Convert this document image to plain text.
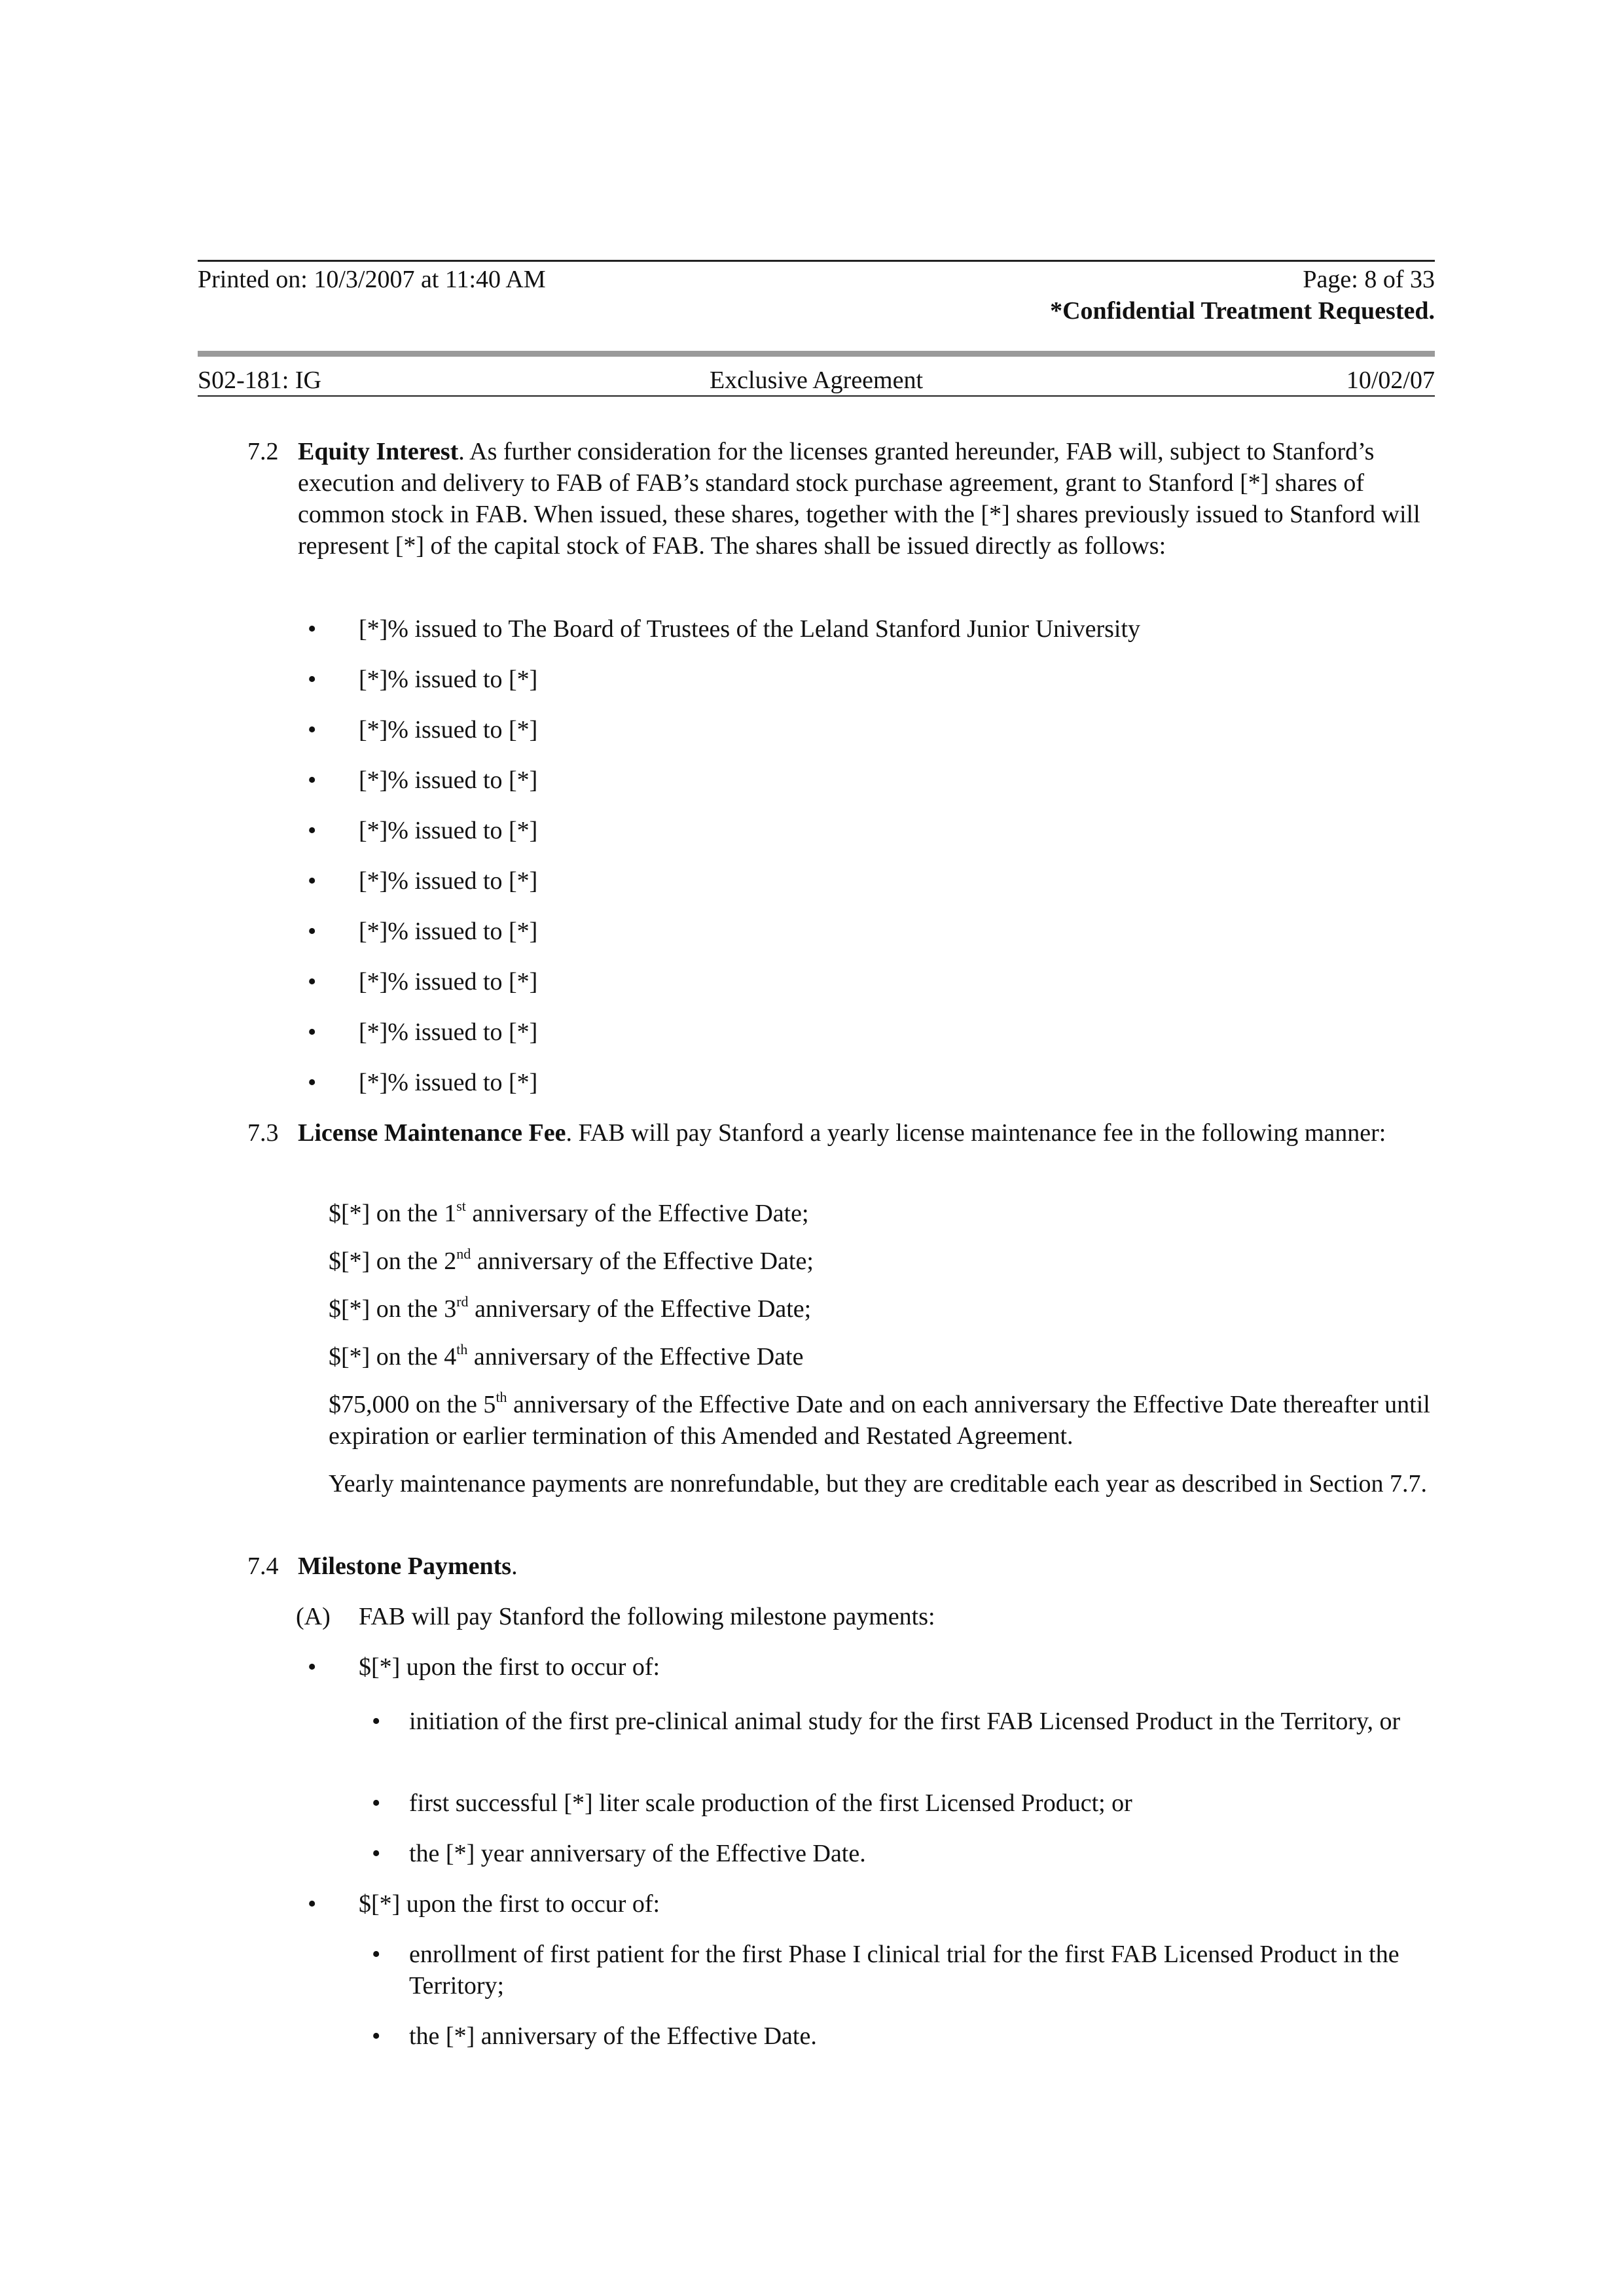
Printed on: 10/3/2007 at 11:40 AM	Page: 8 of 33
*Confidential Treatment Requested.
S02-181: IG	Exclusive Agreement	10/02/07
7.2 Equity Interest. As further consideration for the licenses granted hereunder, FAB will, subject to Stanford’s execution and delivery to FAB of FAB’s standard stock purchase agreement, grant to Stanford [*] shares of common stock in FAB. When issued, these shares, together with the [*] shares previously issued to Stanford will represent [*] of the capital stock of FAB. The shares shall be issued directly as follows:
• [*]% issued to The Board of Trustees of the Leland Stanford Junior University
• [*]% issued to [*]
• [*]% issued to [*]
• [*]% issued to [*]
• [*]% issued to [*]
• [*]% issued to [*]
• [*]% issued to [*]
• [*]% issued to [*]
• [*]% issued to [*]
• [*]% issued to [*]
7.3 License Maintenance Fee. FAB will pay Stanford a yearly license maintenance fee in the following manner:
$[*] on the 1st anniversary of the Effective Date;
$[*] on the 2nd anniversary of the Effective Date;
$[*] on the 3rd anniversary of the Effective Date;
$[*] on the 4th anniversary of the Effective Date
$75,000 on the 5th anniversary of the Effective Date and on each anniversary the Effective Date thereafter until expiration or earlier termination of this Amended and Restated Agreement.
Yearly maintenance payments are nonrefundable, but they are creditable each year as described in Section 7.7.
7.4 Milestone Payments.
(A)	FAB will pay Stanford the following milestone payments:
• $[*] upon the first to occur of:
• initiation of the first pre-clinical animal study for the first FAB Licensed Product in the Territory, or
• first successful [*] liter scale production of the first Licensed Product; or
• the [*] year anniversary of the Effective Date.
• $[*] upon the first to occur of:
• enrollment of first patient for the first Phase I clinical trial for the first FAB Licensed Product in the Territory;
• the [*] anniversary of the Effective Date.
